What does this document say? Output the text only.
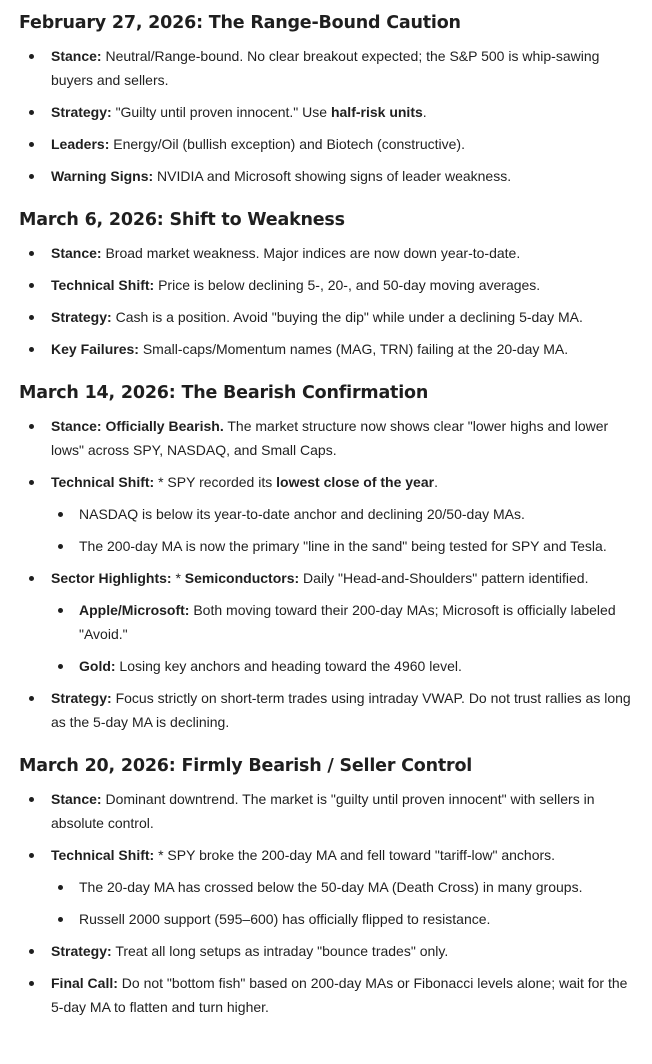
February 27, 2026: The Range-Bound Caution
Stance: Neutral/Range-bound. No clear breakout expected; the S&P 500 is whip-sawing buyers and sellers.
Strategy: "Guilty until proven innocent." Use half-risk units.
Leaders: Energy/Oil (bullish exception) and Biotech (constructive).
Warning Signs: NVIDIA and Microsoft showing signs of leader weakness.
March 6, 2026: Shift to Weakness
Stance: Broad market weakness. Major indices are now down year-to-date.
Technical Shift: Price is below declining 5-, 20-, and 50-day moving averages.
Strategy: Cash is a position. Avoid "buying the dip" while under a declining 5-day MA.
Key Failures: Small-caps/Momentum names (MAG, TRN) failing at the 20-day MA.
March 14, 2026: The Bearish Confirmation
Stance: Officially Bearish. The market structure now shows clear "lower highs and lower lows" across SPY, NASDAQ, and Small Caps.
Technical Shift: * SPY recorded its lowest close of the year.
NASDAQ is below its year-to-date anchor and declining 20/50-day MAs.
The 200-day MA is now the primary "line in the sand" being tested for SPY and Tesla.
Sector Highlights: * Semiconductors: Daily "Head-and-Shoulders" pattern identified.
Apple/Microsoft: Both moving toward their 200-day MAs; Microsoft is officially labeled "Avoid."
Gold: Losing key anchors and heading toward the 4960 level.
Strategy: Focus strictly on short-term trades using intraday VWAP. Do not trust rallies as long as the 5-day MA is declining.
March 20, 2026: Firmly Bearish / Seller Control
Stance: Dominant downtrend. The market is "guilty until proven innocent" with sellers in absolute control.
Technical Shift: * SPY broke the 200-day MA and fell toward "tariff-low" anchors.
The 20-day MA has crossed below the 50-day MA (Death Cross) in many groups.
Russell 2000 support (595–600) has officially flipped to resistance.
Strategy: Treat all long setups as intraday "bounce trades" only.
Final Call: Do not "bottom fish" based on 200-day MAs or Fibonacci levels alone; wait for the 5-day MA to flatten and turn higher.
